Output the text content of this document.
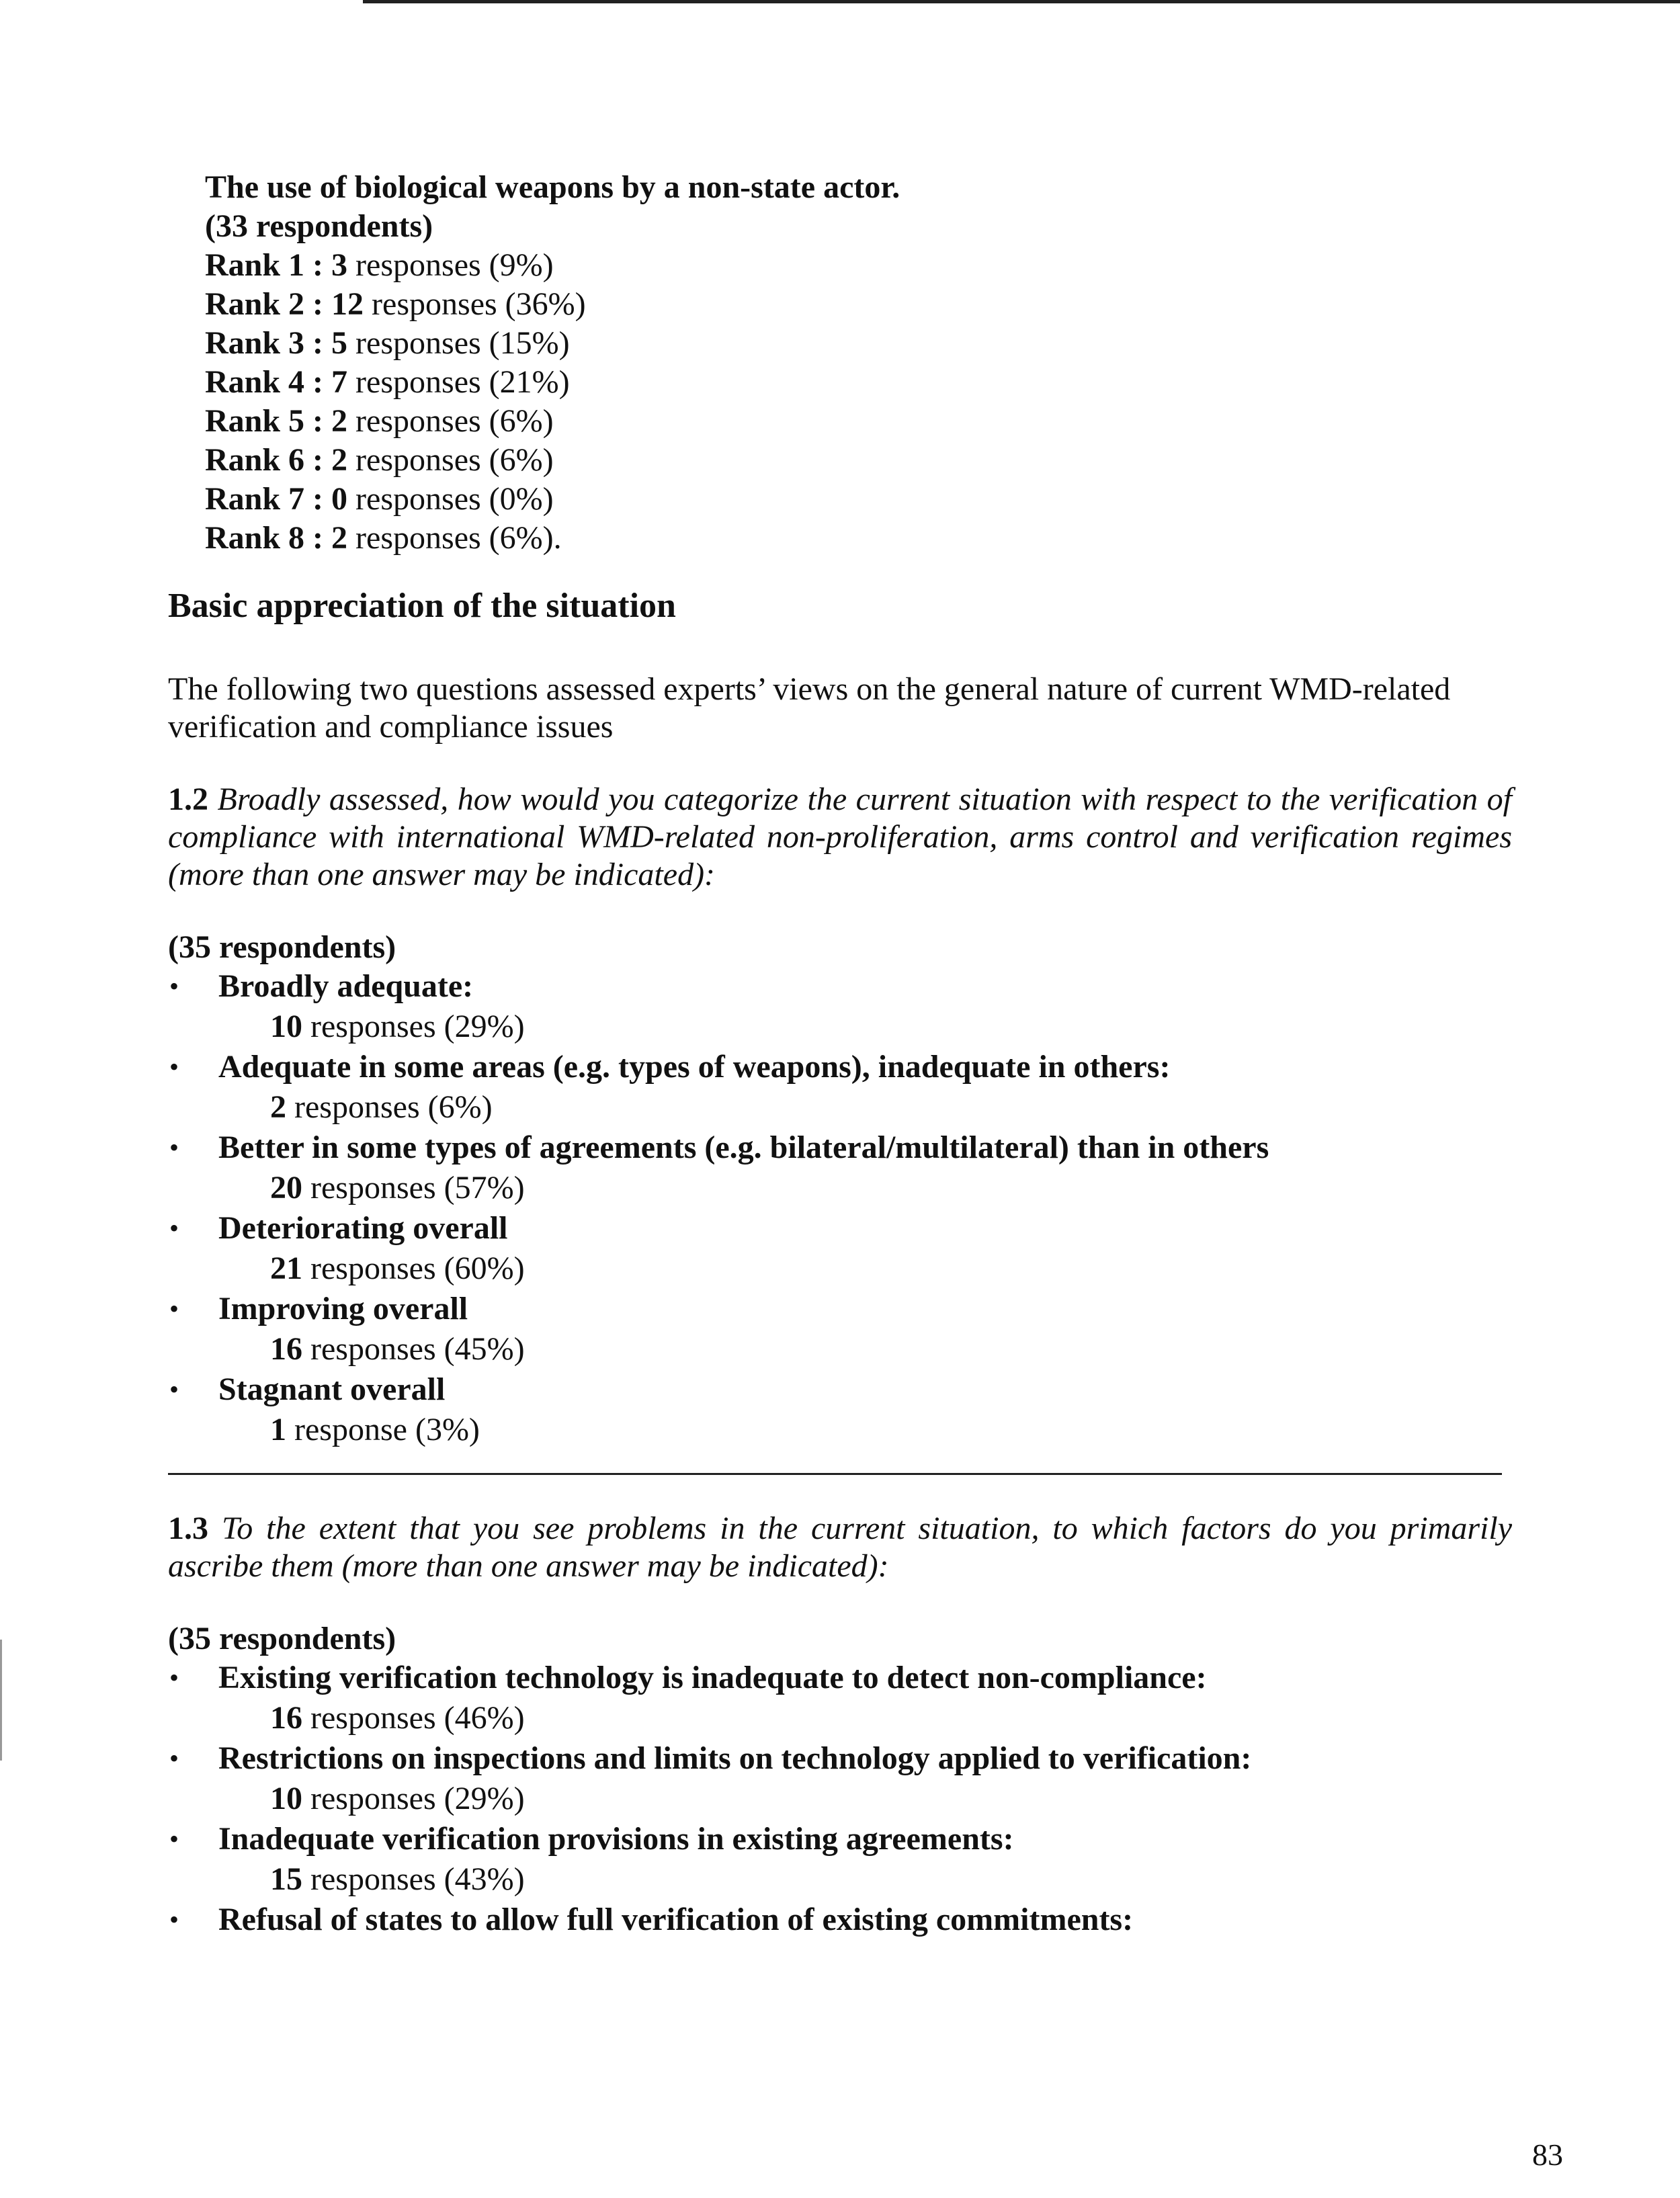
The use of biological weapons by a non-state actor.
(33 respondents)
Rank 1 : 3 responses (9%)
Rank 2 : 12 responses (36%)
Rank 3 : 5 responses (15%)
Rank 4 : 7 responses (21%)
Rank 5 : 2 responses (6%)
Rank 6 : 2 responses (6%)
Rank 7 : 0 responses (0%)
Rank 8 : 2 responses (6%).
Basic appreciation of the situation

The following two questions assessed experts’ views on the general nature of current WMD-related verification and compliance issues

1.2 Broadly assessed, how would you categorize the current situation with respect to the verification of compliance with international WMD-related non-proliferation, arms control and verification regimes (more than one answer may be indicated):

(35 respondents)
• Broadly adequate:
10 responses (29%)
• Adequate in some areas (e.g. types of weapons), inadequate in others:
2 responses (6%)
• Better in some types of agreements (e.g. bilateral/multilateral) than in others
20 responses (57%)
• Deteriorating overall
21 responses (60%)
• Improving overall
16 responses (45%)
• Stagnant overall
1 response (3%)

1.3 To the extent that you see problems in the current situation, to which factors do you primarily ascribe them (more than one answer may be indicated):

(35 respondents)
• Existing verification technology is inadequate to detect non-compliance:
16 responses (46%)
• Restrictions on inspections and limits on technology applied to verification:
10 responses (29%)
• Inadequate verification provisions in existing agreements:
15 responses (43%)
• Refusal of states to allow full verification of existing commitments:
83
